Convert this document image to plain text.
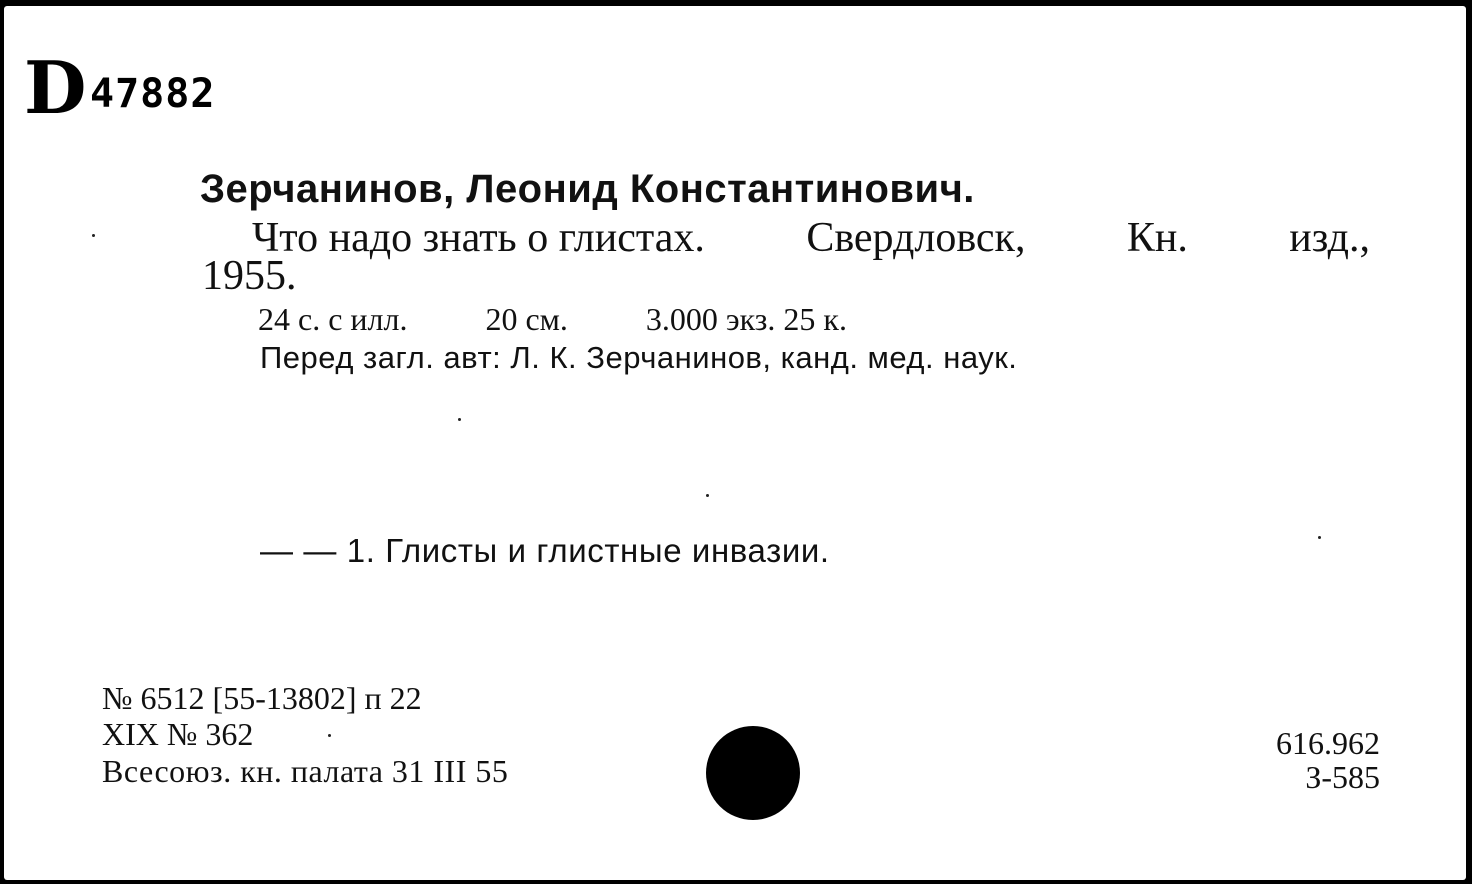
D 47882
Зерчанинов, Леонид Константинович.
Что надо знать о глистах. Свердловск, Кн. изд.,
1955.
24 с. с илл. 20 см. 3.000 экз. 25 к.
Перед загл. авт: Л. К. Зерчанинов, канд. мед. наук.
— — 1. Глисты и глистные инвазии.
№ 6512 [55-13802] п 22
XIX № 362
Всесоюз. кн. палата 31 III 55
616.962
З-585
